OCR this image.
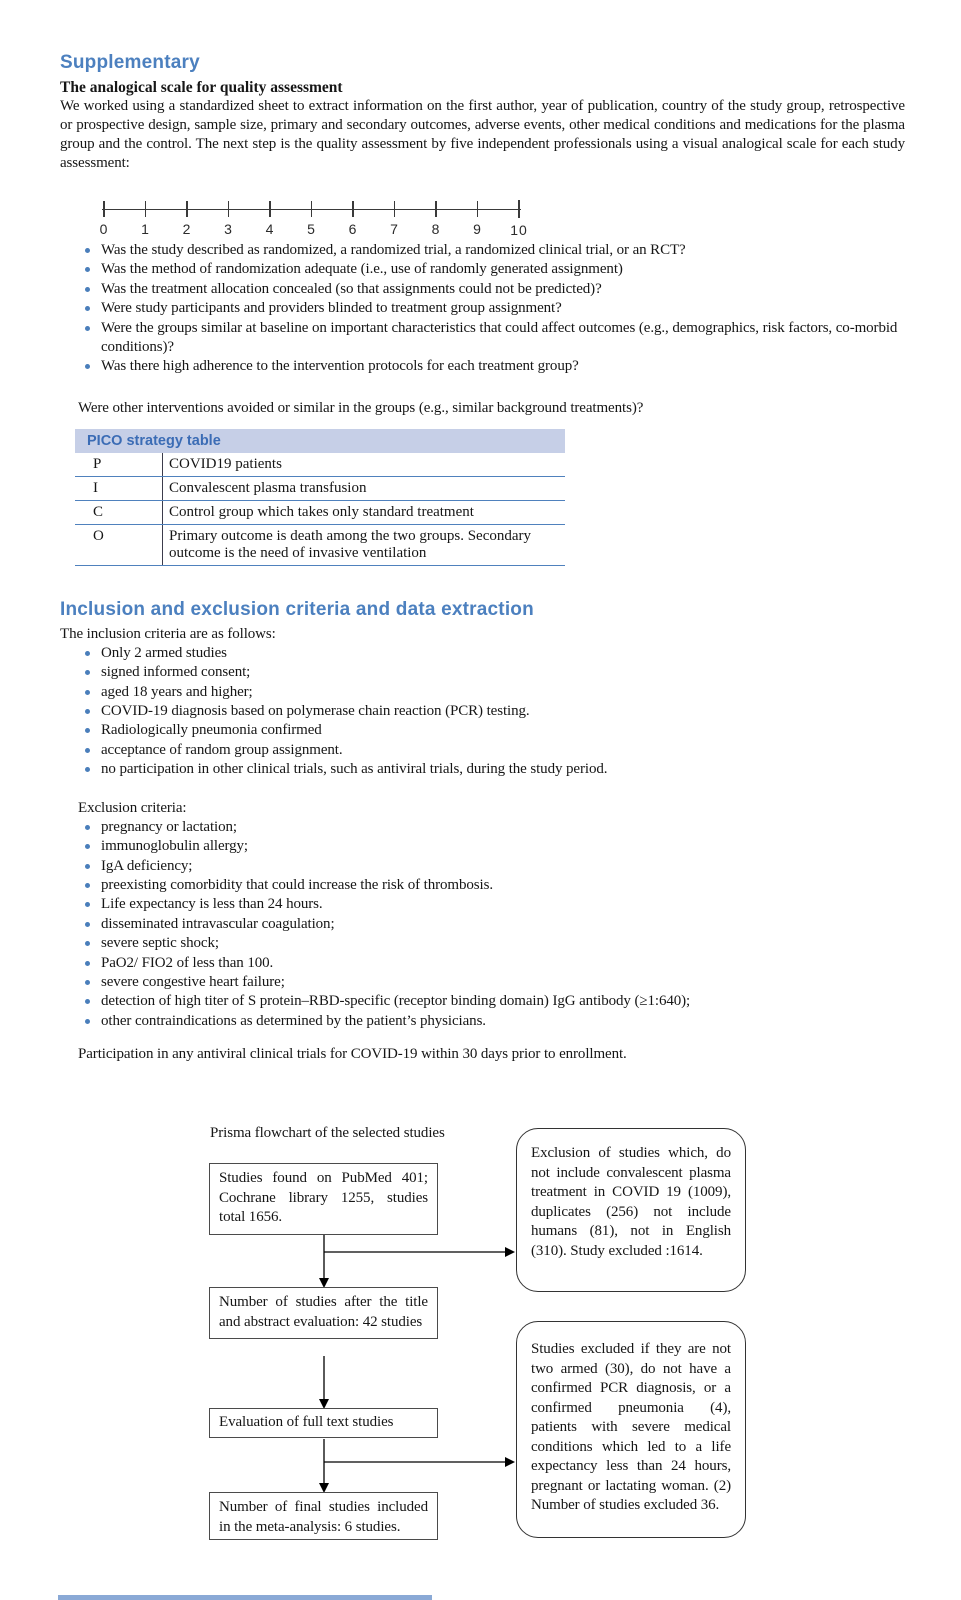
Supplementary

The analogical scale for quality assessment

We worked using a standardized sheet to extract information on the first author, year of publication, country of the study group, retrospective or prospective design, sample size, primary and secondary outcomes, adverse events, other medical conditions and medications for the plasma group and the control. The next step is the quality assessment by five independent professionals using a visual analogical scale for each study assessment:

0 1 2 3 4 5 6 7 8 9 10
Was the study described as randomized, a randomized trial, a randomized clinical trial, or an RCT?
Was the method of randomization adequate (i.e., use of randomly generated assignment)
Was the treatment allocation concealed (so that assignments could not be predicted)?
Were study participants and providers blinded to treatment group assignment?
Were the groups similar at baseline on important characteristics that could affect outcomes (e.g., demographics, risk factors, co-morbid conditions)?
Was there high adherence to the intervention protocols for each treatment group?

Were other interventions avoided or similar in the groups (e.g., similar background treatments)?

PICO strategy table
P	COVID19 patients
I	Convalescent plasma transfusion
C	Control group which takes only standard treatment
O	Primary outcome is death among the two groups. Secondary outcome is the need of invasive ventilation
Inclusion and exclusion criteria and data extraction

The inclusion criteria are as follows:

Only 2 armed studies
signed informed consent;
aged 18 years and higher;
COVID-19 diagnosis based on polymerase chain reaction (PCR) testing.
Radiologically pneumonia confirmed
acceptance of random group assignment.
no participation in other clinical trials, such as antiviral trials, during the study period.

Exclusion criteria:

pregnancy or lactation;
immunoglobulin allergy;
IgA deficiency;
preexisting comorbidity that could increase the risk of thrombosis.
Life expectancy is less than 24 hours.
disseminated intravascular coagulation;
severe septic shock;
PaO2/ FIO2 of less than 100.
severe congestive heart failure;
detection of high titer of S protein–RBD-specific (receptor binding domain) IgG antibody (≥1:640);
other contraindications as determined by the patient’s physicians.

Participation in any antiviral clinical trials for COVID-19 within 30 days prior to enrollment.

Prisma flowchart of the selected studies
Studies found on PubMed 401; Cochrane library 1255, studies total 1656.
Exclusion of studies which, do not include convalescent plasma treatment in COVID 19 (1009), duplicates (256) not include humans (81), not in English (310). Study excluded :1614.
Number of studies after the title and abstract evaluation: 42 studies
Evaluation of full text studies
Studies excluded if they are not two armed (30), do not have a confirmed PCR diagnosis, or a confirmed pneumonia (4), patients with severe medical conditions which led to a life expectancy less than 24 hours, pregnant or lactating woman. (2) Number of studies excluded 36.
Number of final studies included in the meta-analysis: 6 studies.
